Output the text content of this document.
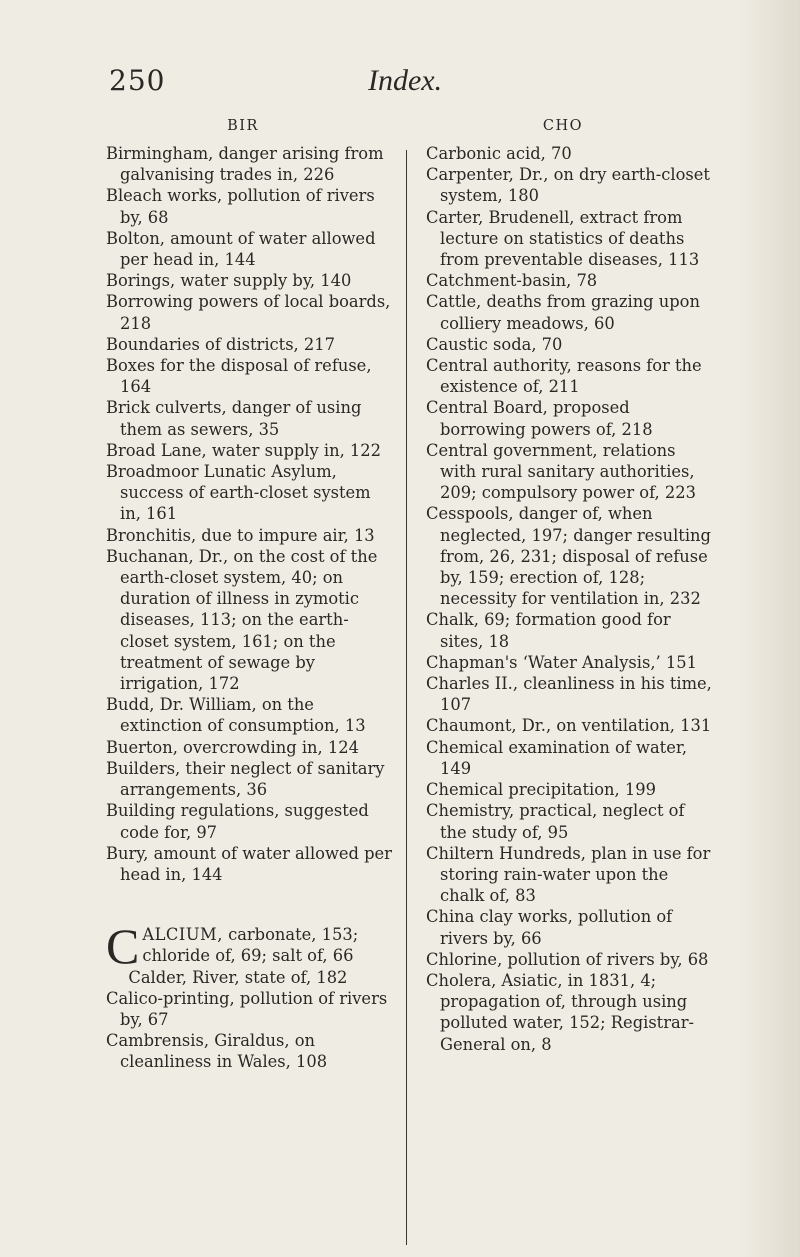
250	Index.
BIR

Birmingham, danger arising from galvanising trades in, 226

Bleach works, pollution of rivers by, 68

Bolton, amount of water allowed per head in, 144

Borings, water supply by, 140

Borrowing powers of local boards, 218

Boundaries of districts, 217

Boxes for the disposal of refuse, 164

Brick culverts, danger of using them as sewers, 35

Broad Lane, water supply in, 122

Broadmoor Lunatic Asylum, success of earth-closet system in, 161

Bronchitis, due to impure air, 13

Buchanan, Dr., on the cost of the earth-closet system, 40; on duration of illness in zymotic diseases, 113; on the earth-closet system, 161; on the treatment of sewage by irrigation, 172

Budd, Dr. William, on the extinction of consumption, 13

Buerton, overcrowding in, 124

Builders, their neglect of sanitary arrangements, 36

Building regulations, suggested code for, 97

Bury, amount of water allowed per head in, 144

C ALCIUM, carbonate, 153; chloride of, 69; salt of, 66

Calder, River, state of, 182

Calico-printing, pollution of rivers by, 67

Cambrensis, Giraldus, on cleanliness in Wales, 108

CHO

Carbonic acid, 70

Carpenter, Dr., on dry earth-closet system, 180

Carter, Brudenell, extract from lecture on statistics of deaths from preventable diseases, 113

Catchment-basin, 78

Cattle, deaths from grazing upon colliery meadows, 60

Caustic soda, 70

Central authority, reasons for the existence of, 211

Central Board, proposed borrowing powers of, 218

Central government, relations with rural sanitary authorities, 209; compulsory power of, 223

Cesspools, danger of, when neglected, 197; danger resulting from, 26, 231; disposal of refuse by, 159; erection of, 128; necessity for ventilation in, 232

Chalk, 69; formation good for sites, 18

Chapman's ‘Water Analysis,’ 151

Charles II., cleanliness in his time, 107

Chaumont, Dr., on ventilation, 131

Chemical examination of water, 149

Chemical precipitation, 199

Chemistry, practical, neglect of the study of, 95

Chiltern Hundreds, plan in use for storing rain-water upon the chalk of, 83

China clay works, pollution of rivers by, 66

Chlorine, pollution of rivers by, 68

Cholera, Asiatic, in 1831, 4; propagation of, through using polluted water, 152; Registrar-General on, 8
